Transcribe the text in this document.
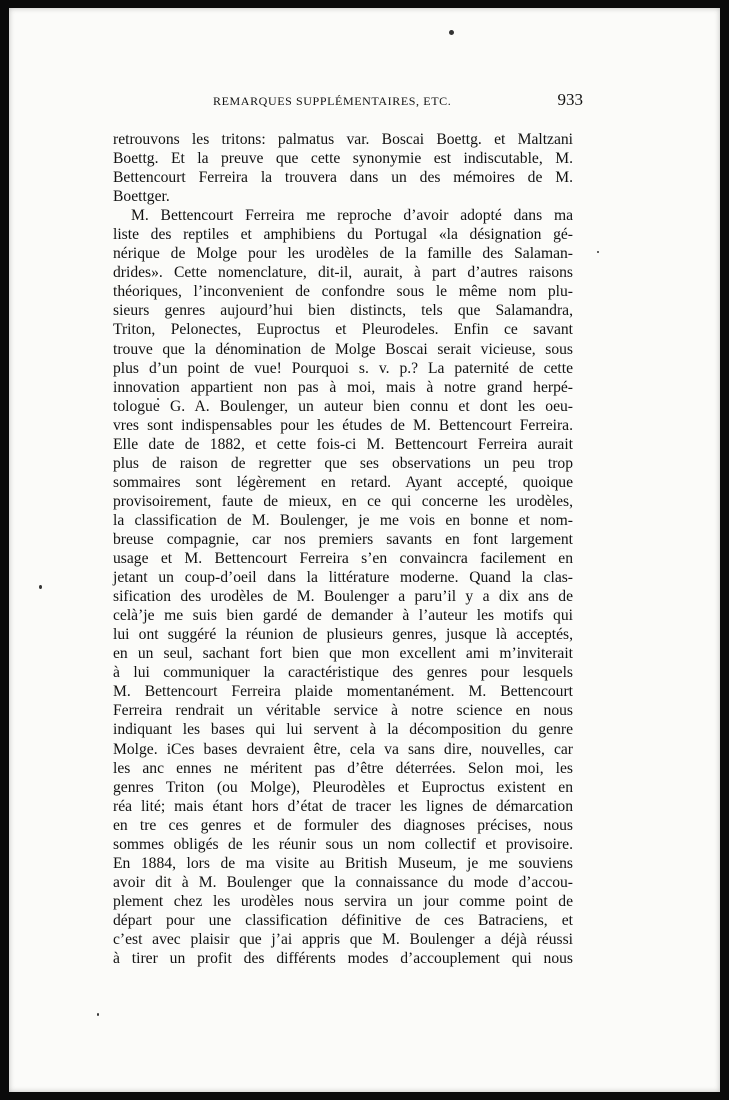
REMARQUES SUPPLÉMENTAIRES, ETC.	933
retrouvons les tritons: palmatus var. Boscai Boettg. et Maltzani
Boettg. Et la preuve que cette synonymie est indiscutable, M.
Bettencourt Ferreira la trouvera dans un des mémoires de M.
Boettger.
M. Bettencourt Ferreira me reproche d’avoir adopté dans ma
liste des reptiles et amphibiens du Portugal «la désignation gé-
nérique de Molge pour les urodèles de la famille des Salaman-
drides». Cette nomenclature, dit-il, aurait, à part d’autres raisons
théoriques, l’inconvenient de confondre sous le même nom plu-
sieurs genres aujourd’hui bien distincts, tels que Salamandra,
Triton, Pelonectes, Euproctus et Pleurodeles. Enfin ce savant
trouve que la dénomination de Molge Boscai serait vicieuse, sous
plus d’un point de vue! Pourquoi s. v. p.? La paternité de cette
innovation appartient non pas à moi, mais à notre grand herpé-
tologue G. A. Boulenger, un auteur bien connu et dont les oeu-
vres sont indispensables pour les études de M. Bettencourt Ferreira.
Elle date de 1882, et cette fois-ci M. Bettencourt Ferreira aurait
plus de raison de regretter que ses observations un peu trop
sommaires sont légèrement en retard. Ayant accepté, quoique
provisoirement, faute de mieux, en ce qui concerne les urodèles,
la classification de M. Boulenger, je me vois en bonne et nom-
breuse compagnie, car nos premiers savants en font largement
usage et M. Bettencourt Ferreira s’en convaincra facilement en
jetant un coup-d’oeil dans la littérature moderne. Quand la clas-
sification des urodèles de M. Boulenger a paru’il y a dix ans de
celà’je me suis bien gardé de demander à l’auteur les motifs qui
lui ont suggéré la réunion de plusieurs genres, jusque là acceptés,
en un seul, sachant fort bien que mon excellent ami m’inviterait
à lui communiquer la caractéristique des genres pour lesquels
M. Bettencourt Ferreira plaide momentanément. M. Bettencourt
Ferreira rendrait un véritable service à notre science en nous
indiquant les bases qui lui servent à la décomposition du genre
Molge. iCes bases devraient être, cela va sans dire, nouvelles, car
les anc ennes ne méritent pas d’être déterrées. Selon moi, les
genres Triton (ou Molge), Pleurodèles et Euproctus existent en
réa lité; mais étant hors d’état de tracer les lignes de démarcation
en tre ces genres et de formuler des diagnoses précises, nous
sommes obligés de les réunir sous un nom collectif et provisoire.
En 1884, lors de ma visite au British Museum, je me souviens
avoir dit à M. Boulenger que la connaissance du mode d’accou-
plement chez les urodèles nous servira un jour comme point de
départ pour une classification définitive de ces Batraciens, et
c’est avec plaisir que j’ai appris que M. Boulenger a déjà réussi
à tirer un profit des différents modes d’accouplement qui nous
